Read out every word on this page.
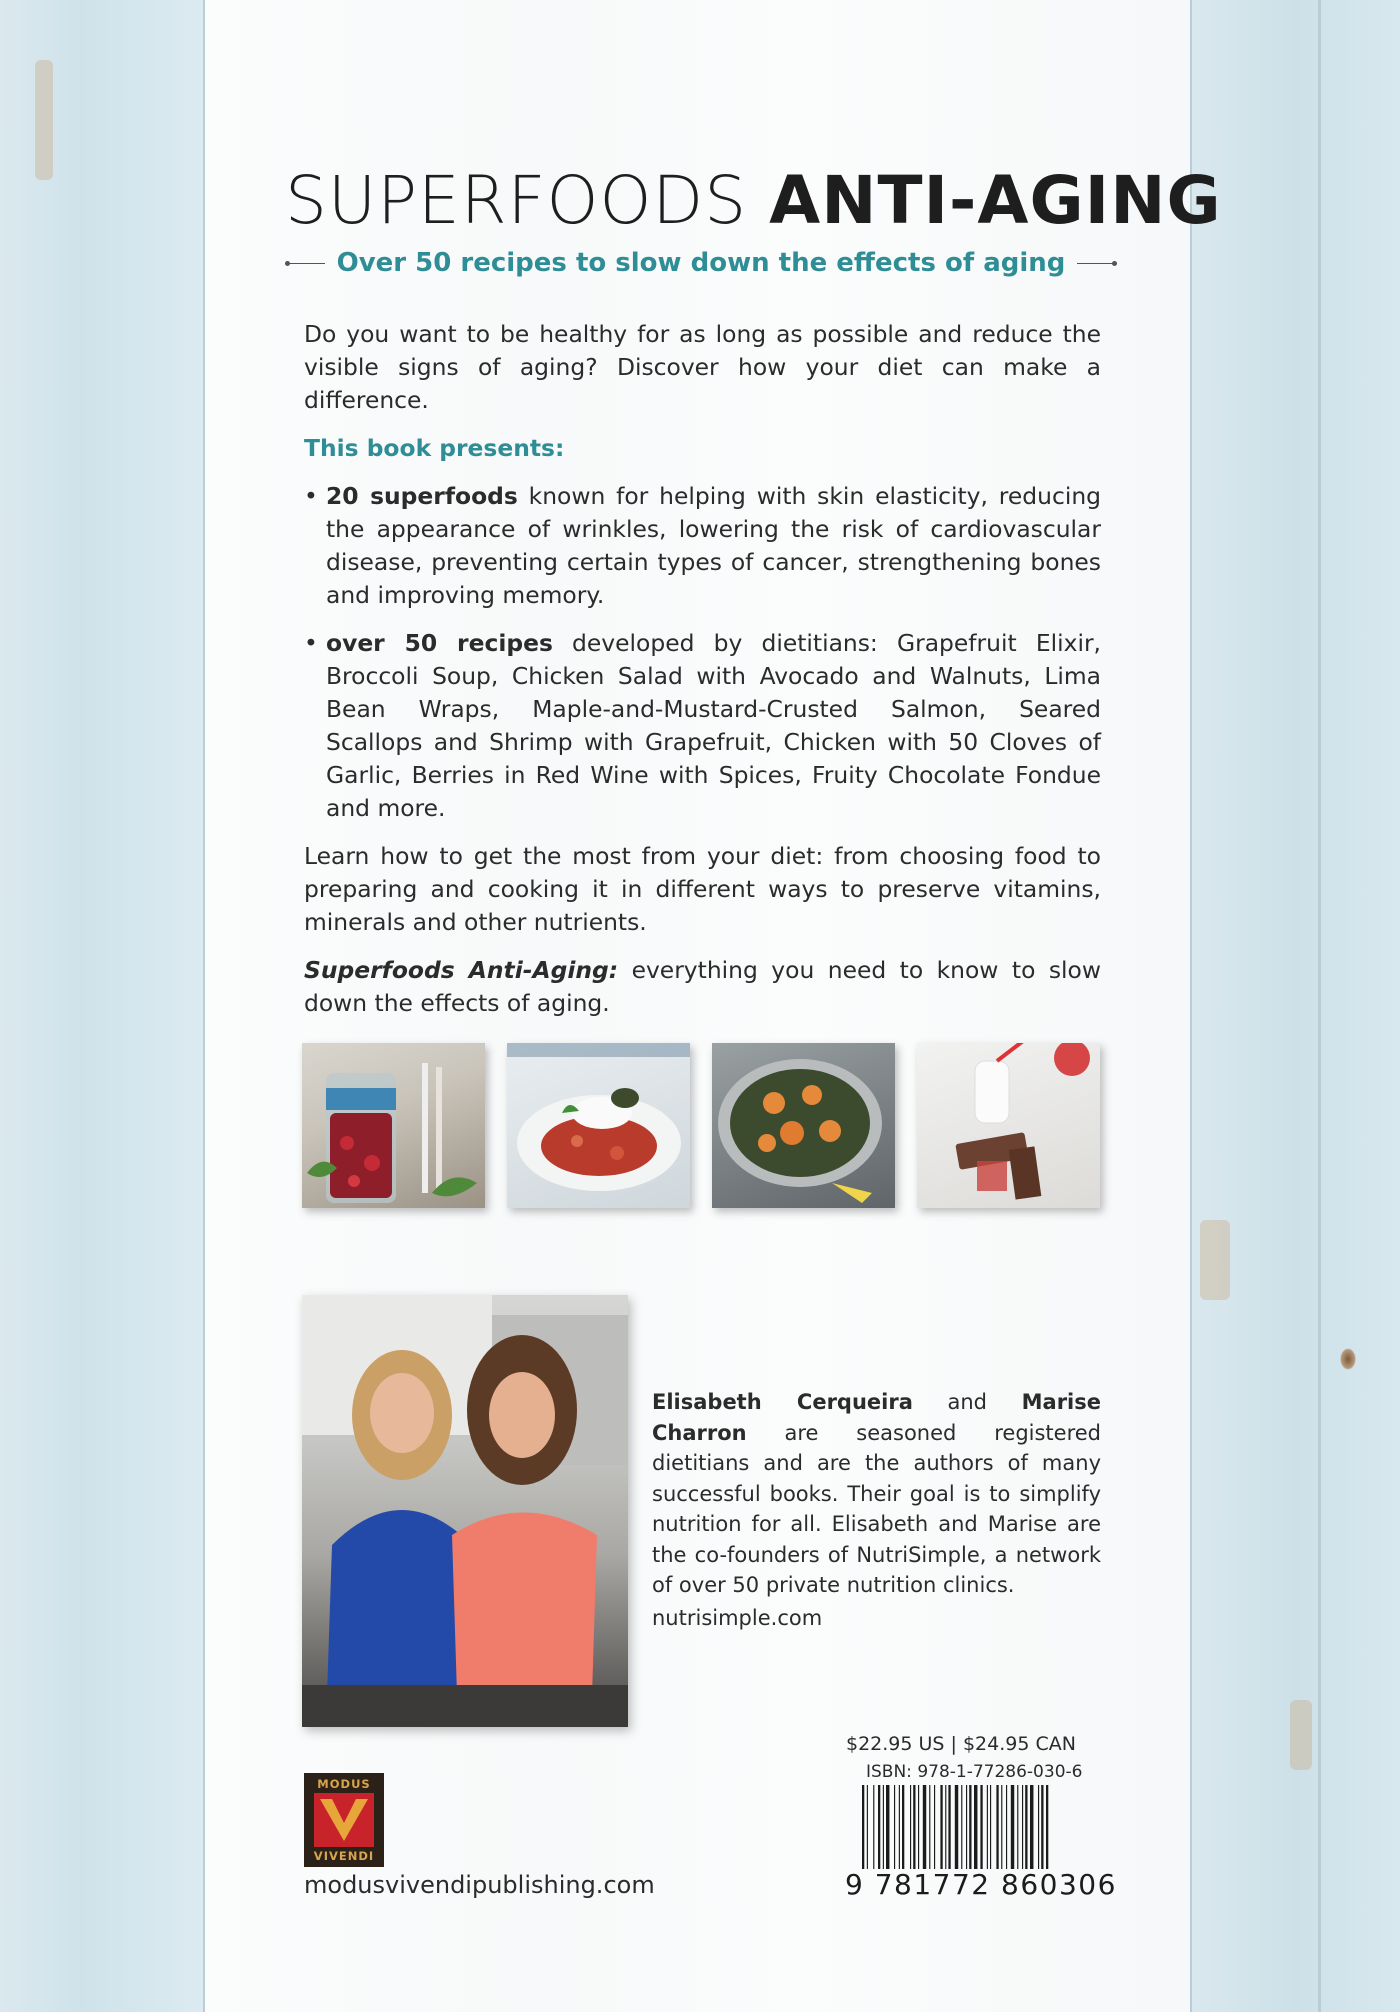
SUPERFOODS ANTI-AGING
Over 50 recipes to slow down the effects of aging

Do you want to be healthy for as long as possible and reduce the visible signs of aging? Discover how your diet can make a difference.

This book presents:

• 20 superfoods known for helping with skin elasticity, reducing the appearance of wrinkles, lowering the risk of cardiovascular disease, preventing certain types of cancer, strengthening bones and improving memory.

• over 50 recipes developed by dietitians: Grapefruit Elixir, Broccoli Soup, Chicken Salad with Avocado and Walnuts, Lima Bean Wraps, Maple-and-Mustard-Crusted Salmon, Seared Scallops and Shrimp with Grapefruit, Chicken with 50 Cloves of Garlic, Berries in Red Wine with Spices, Fruity Chocolate Fondue and more.

Learn how to get the most from your diet: from choosing food to preparing and cooking it in different ways to preserve vitamins, minerals and other nutrients.

Superfoods Anti-Aging: everything you need to know to slow down the effects of aging.

Elisabeth Cerqueira and Marise Charron are seasoned registered dietitians and are the authors of many successful books. Their goal is to simplify nutrition for all. Elisabeth and Marise are the co-founders of NutriSimple, a network of over 50 private nutrition clinics.
nutrisimple.com
$22.95 US | $24.95 CAN
ISBN: 978-1-77286-030-6
9 781772 860306
MODUS
VIVENDI
modusvivendipublishing.com
